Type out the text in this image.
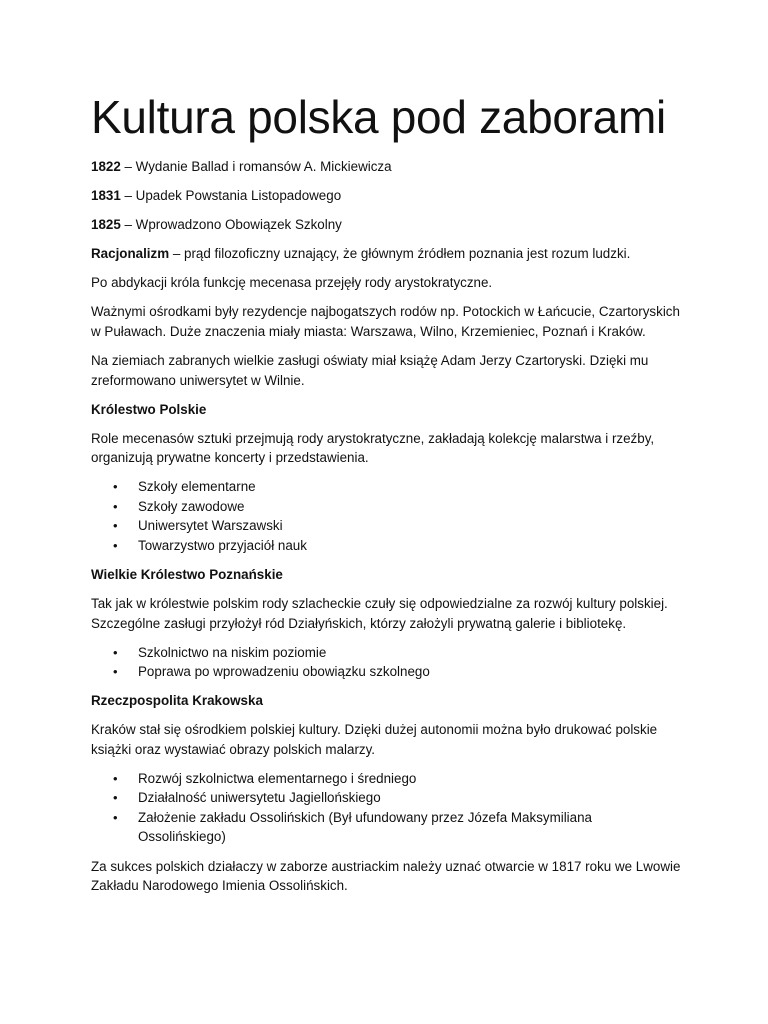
Kultura polska pod zaborami

1822 – Wydanie Ballad i romansów A. Mickiewicza

1831 – Upadek Powstania Listopadowego

1825 – Wprowadzono Obowiązek Szkolny

Racjonalizm – prąd filozoficzny uznający, że głównym źródłem poznania jest rozum ludzki.

Po abdykacji króla funkcję mecenasa przejęły rody arystokratyczne.

Ważnymi ośrodkami były rezydencje najbogatszych rodów np. Potockich w Łańcucie, Czartoryskich w Puławach. Duże znaczenia miały miasta: Warszawa, Wilno, Krzemieniec, Poznań i Kraków.

Na ziemiach zabranych wielkie zasługi oświaty miał książę Adam Jerzy Czartoryski. Dzięki mu zreformowano uniwersytet w Wilnie.

Królestwo Polskie

Role mecenasów sztuki przejmują rody arystokratyczne, zakładają kolekcję malarstwa i rzeźby, organizują prywatne koncerty i przedstawienia.

• Szkoły elementarne
• Szkoły zawodowe
• Uniwersytet Warszawski
• Towarzystwo przyjaciół nauk

Wielkie Królestwo Poznańskie

Tak jak w królestwie polskim rody szlacheckie czuły się odpowiedzialne za rozwój kultury polskiej. Szczególne zasługi przyłożył ród Działyńskich, którzy założyli prywatną galerie i bibliotekę.

• Szkolnictwo na niskim poziomie
• Poprawa po wprowadzeniu obowiązku szkolnego

Rzeczpospolita Krakowska

Kraków stał się ośrodkiem polskiej kultury. Dzięki dużej autonomii można było drukować polskie książki oraz wystawiać obrazy polskich malarzy.

• Rozwój szkolnictwa elementarnego i średniego
• Działalność uniwersytetu Jagiellońskiego
• Założenie zakładu Ossolińskich (Był ufundowany przez Józefa Maksymiliana Ossolińskiego)

Za sukces polskich działaczy w zaborze austriackim należy uznać otwarcie w 1817 roku we Lwowie Zakładu Narodowego Imienia Ossolińskich.
